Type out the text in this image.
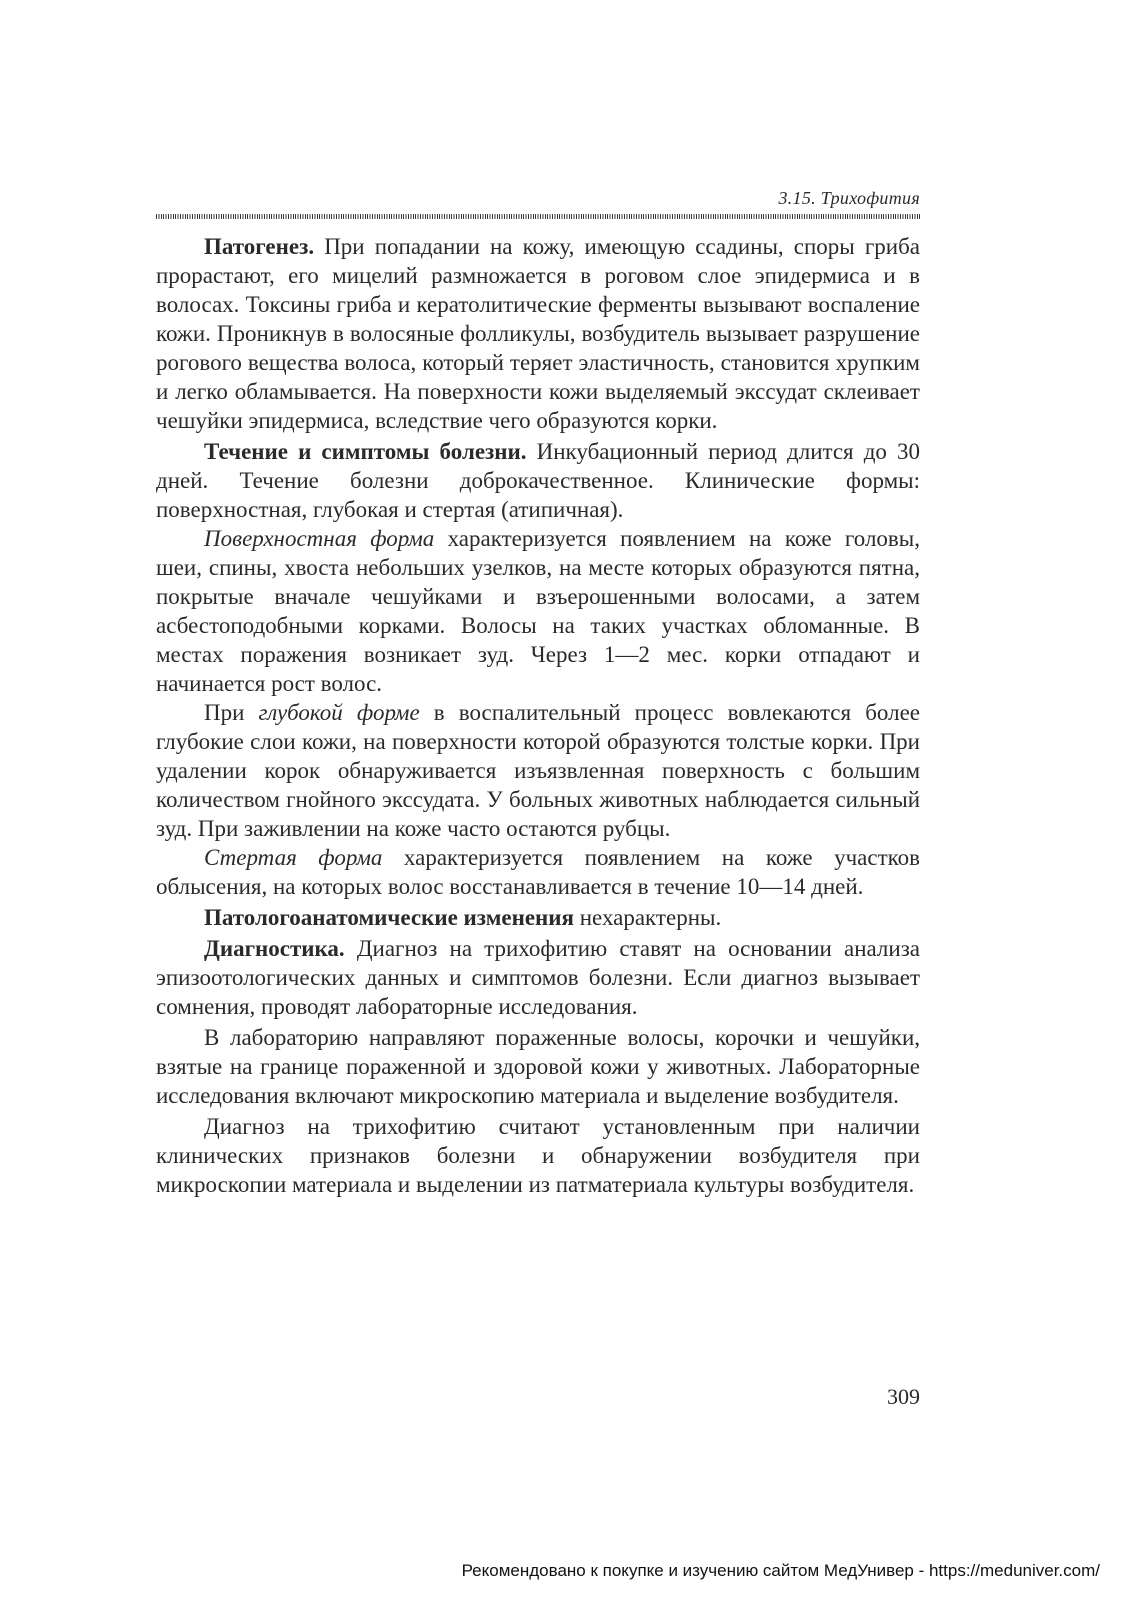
3.15. Трихофития

Патогенез. При попадании на кожу, имеющую ссадины, споры гриба прорастают, его мицелий размножается в роговом слое эпидермиса и в волосах. Токсины гриба и кератолитические ферменты вызывают воспаление кожи. Проникнув в волосяные фолликулы, возбудитель вызывает разрушение рогового вещества волоса, который теряет эластичность, становится хрупким и легко обламывается. На поверхности кожи выделяемый экссудат склеивает чешуйки эпидермиса, вследствие чего образуются корки.

Течение и симптомы болезни. Инкубационный период длится до 30 дней. Течение болезни доброкачественное. Клинические формы: поверхностная, глубокая и стертая (атипичная).

Поверхностная форма характеризуется появлением на коже головы, шеи, спины, хвоста небольших узелков, на месте которых образуются пятна, покрытые вначале чешуйками и взъерошенными волосами, а затем асбестоподобными корками. Волосы на таких участках обломанные. В местах поражения возникает зуд. Через 1—2 мес. корки отпадают и начинается рост волос.

При глубокой форме в воспалительный процесс вовлекаются более глубокие слои кожи, на поверхности которой образуются толстые корки. При удалении корок обнаруживается изъязвленная поверхность с большим количеством гнойного экссудата. У больных животных наблюдается сильный зуд. При заживлении на коже часто остаются рубцы.

Стертая форма характеризуется появлением на коже участков облысения, на которых волос восстанавливается в течение 10—14 дней.

Патологоанатомические изменения нехарактерны.

Диагностика. Диагноз на трихофитию ставят на основании анализа эпизоотологических данных и симптомов болезни. Если диагноз вызывает сомнения, проводят лабораторные исследования.

В лабораторию направляют пораженные волосы, корочки и чешуйки, взятые на границе пораженной и здоровой кожи у животных. Лабораторные исследования включают микроскопию материала и выделение возбудителя.

Диагноз на трихофитию считают установленным при наличии клинических признаков болезни и обнаружении возбудителя при микроскопии материала и выделении из патматериала культуры возбудителя.

309
Рекомендовано к покупке и изучению сайтом МедУнивер - https://meduniver.com/
